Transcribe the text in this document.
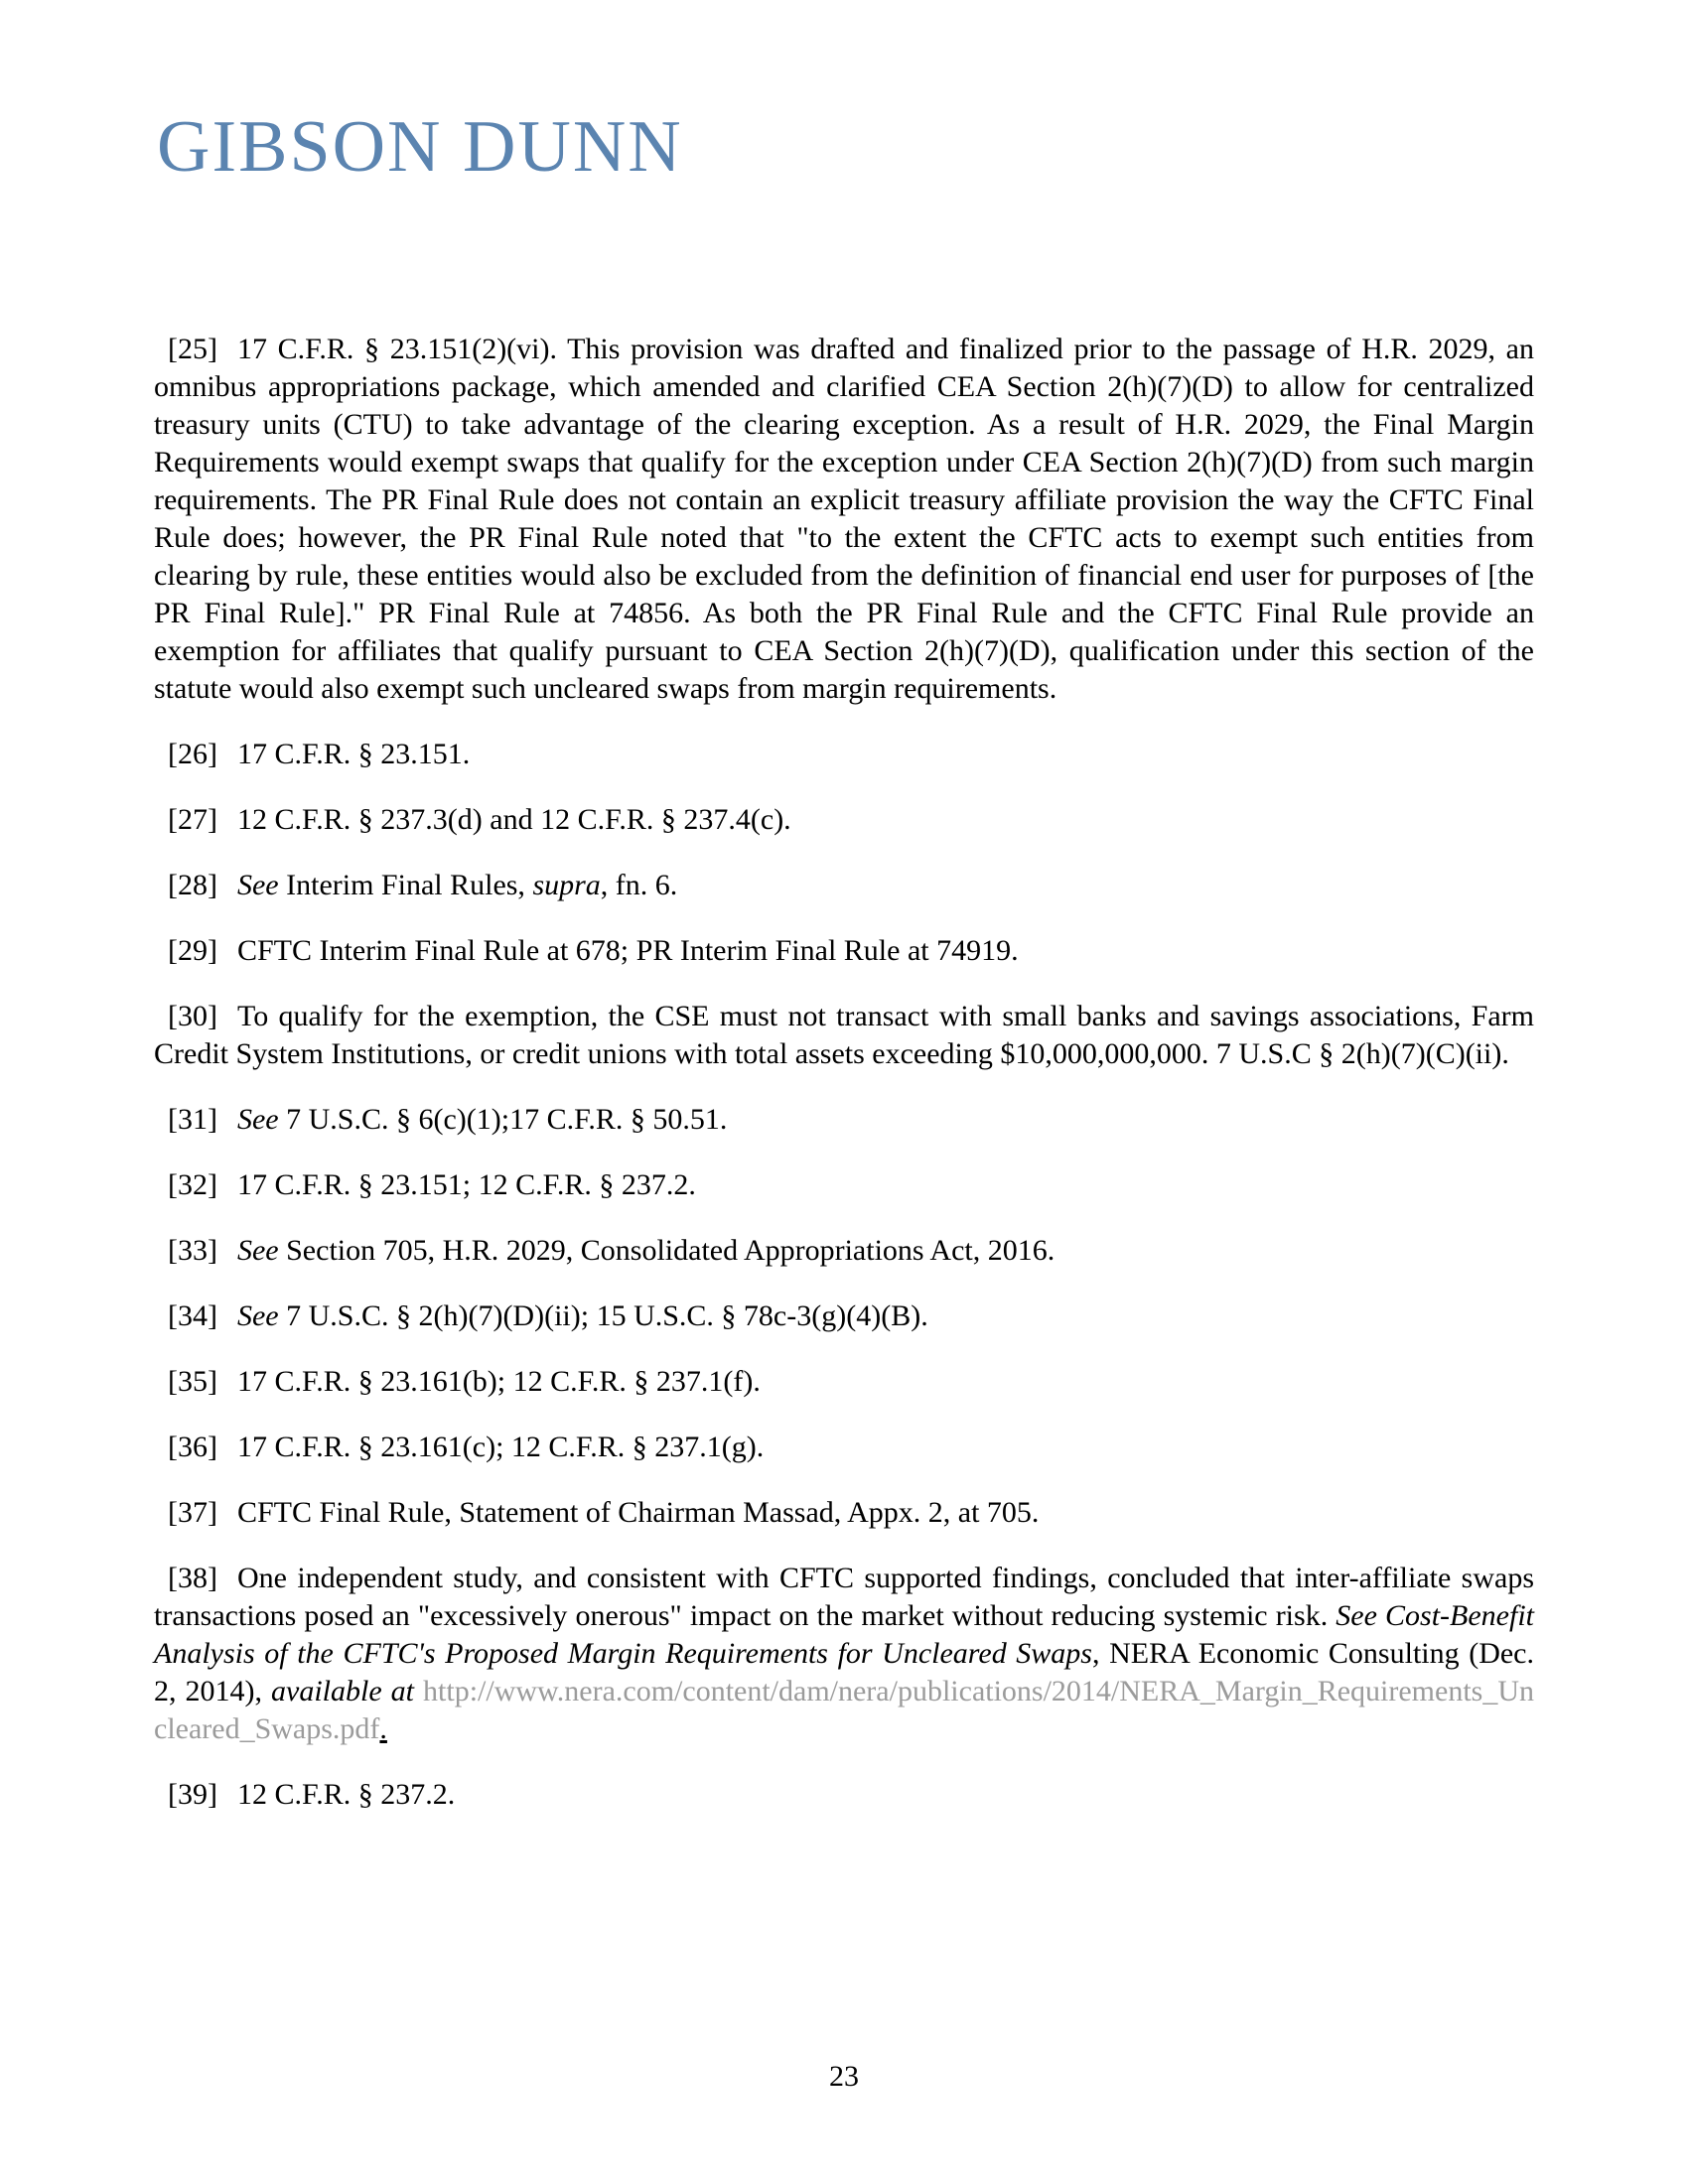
GIBSON DUNN

[25] 17 C.F.R. § 23.151(2)(vi). This provision was drafted and finalized prior to the passage of H.R. 2029, an omnibus appropriations package, which amended and clarified CEA Section 2(h)(7)(D) to allow for centralized treasury units (CTU) to take advantage of the clearing exception. As a result of H.R. 2029, the Final Margin Requirements would exempt swaps that qualify for the exception under CEA Section 2(h)(7)(D) from such margin requirements. The PR Final Rule does not contain an explicit treasury affiliate provision the way the CFTC Final Rule does; however, the PR Final Rule noted that "to the extent the CFTC acts to exempt such entities from clearing by rule, these entities would also be excluded from the definition of financial end user for purposes of [the PR Final Rule]." PR Final Rule at 74856. As both the PR Final Rule and the CFTC Final Rule provide an exemption for affiliates that qualify pursuant to CEA Section 2(h)(7)(D), qualification under this section of the statute would also exempt such uncleared swaps from margin requirements.

[26] 17 C.F.R. § 23.151.

[27] 12 C.F.R. § 237.3(d) and 12 C.F.R. § 237.4(c).

[28] See Interim Final Rules, supra, fn. 6.

[29] CFTC Interim Final Rule at 678; PR Interim Final Rule at 74919.

[30] To qualify for the exemption, the CSE must not transact with small banks and savings associations, Farm Credit System Institutions, or credit unions with total assets exceeding $10,000,000,000. 7 U.S.C § 2(h)(7)(C)(ii).

[31] See 7 U.S.C. § 6(c)(1);17 C.F.R. § 50.51.

[32] 17 C.F.R. § 23.151; 12 C.F.R. § 237.2.

[33] See Section 705, H.R. 2029, Consolidated Appropriations Act, 2016.

[34] See 7 U.S.C. § 2(h)(7)(D)(ii); 15 U.S.C. § 78c-3(g)(4)(B).

[35] 17 C.F.R. § 23.161(b); 12 C.F.R. § 237.1(f).

[36] 17 C.F.R. § 23.161(c); 12 C.F.R. § 237.1(g).

[37] CFTC Final Rule, Statement of Chairman Massad, Appx. 2, at 705.

[38] One independent study, and consistent with CFTC supported findings, concluded that inter-affiliate swaps transactions posed an "excessively onerous" impact on the market without reducing systemic risk. See Cost-Benefit Analysis of the CFTC's Proposed Margin Requirements for Uncleared Swaps, NERA Economic Consulting (Dec. 2, 2014), available at http://www.nera.com/content/dam/nera/publications/2014/NERA_Margin_Requirements_Uncleared_Swaps.pdf.

[39] 12 C.F.R. § 237.2.

23
